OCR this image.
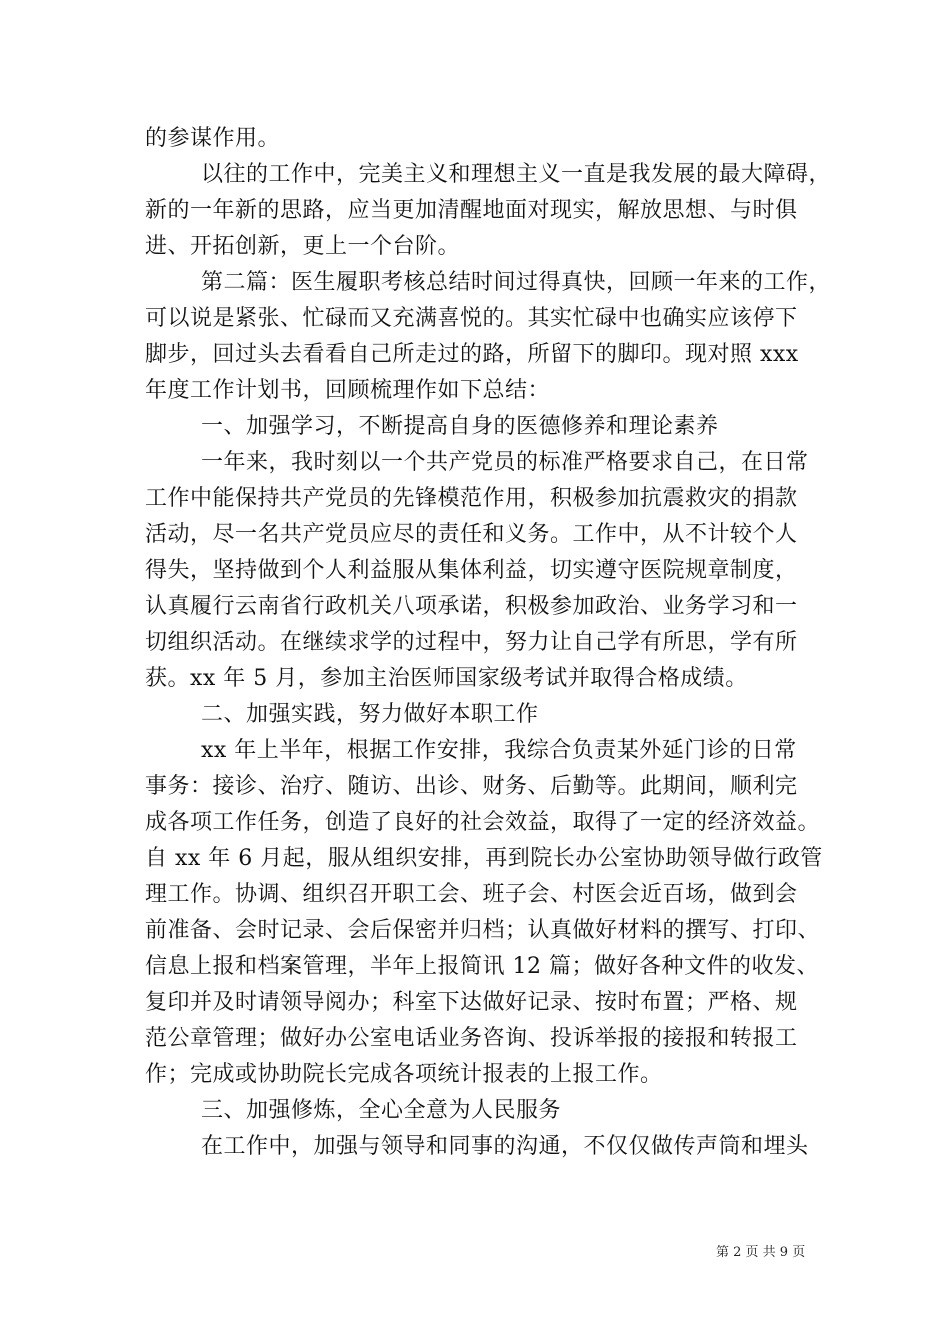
的参谋作用。
以往的工作中，完美主义和理想主义一直是我发展的最大障碍，
新的一年新的思路，应当更加清醒地面对现实，解放思想、与时俱
进、开拓创新，更上一个台阶。
第二篇：医生履职考核总结时间过得真快，回顾一年来的工作，
可以说是紧张、忙碌而又充满喜悦的。其实忙碌中也确实应该停下
脚步，回过头去看看自己所走过的路，所留下的脚印。现对照 xxx
年度工作计划书，回顾梳理作如下总结：
一、加强学习，不断提高自身的医德修养和理论素养
一年来，我时刻以一个共产党员的标准严格要求自己，在日常
工作中能保持共产党员的先锋模范作用，积极参加抗震救灾的捐款
活动，尽一名共产党员应尽的责任和义务。工作中，从不计较个人
得失，坚持做到个人利益服从集体利益，切实遵守医院规章制度，
认真履行云南省行政机关八项承诺，积极参加政治、业务学习和一
切组织活动。在继续求学的过程中，努力让自己学有所思，学有所
获。xx 年 5 月，参加主治医师国家级考试并取得合格成绩。
二、加强实践，努力做好本职工作
xx 年上半年，根据工作安排，我综合负责某外延门诊的日常
事务：接诊、治疗、随访、出诊、财务、后勤等。此期间，顺利完
成各项工作任务，创造了良好的社会效益，取得了一定的经济效益。
自 xx 年 6 月起，服从组织安排，再到院长办公室协助领导做行政管
理工作。协调、组织召开职工会、班子会、村医会近百场，做到会
前准备、会时记录、会后保密并归档；认真做好材料的撰写、打印、
信息上报和档案管理，半年上报简讯 12 篇；做好各种文件的收发、
复印并及时请领导阅办；科室下达做好记录、按时布置；严格、规
范公章管理；做好办公室电话业务咨询、投诉举报的接报和转报工
作；完成或协助院长完成各项统计报表的上报工作。
三、加强修炼，全心全意为人民服务
在工作中，加强与领导和同事的沟通，不仅仅做传声筒和埋头
第 2 页 共 9 页
